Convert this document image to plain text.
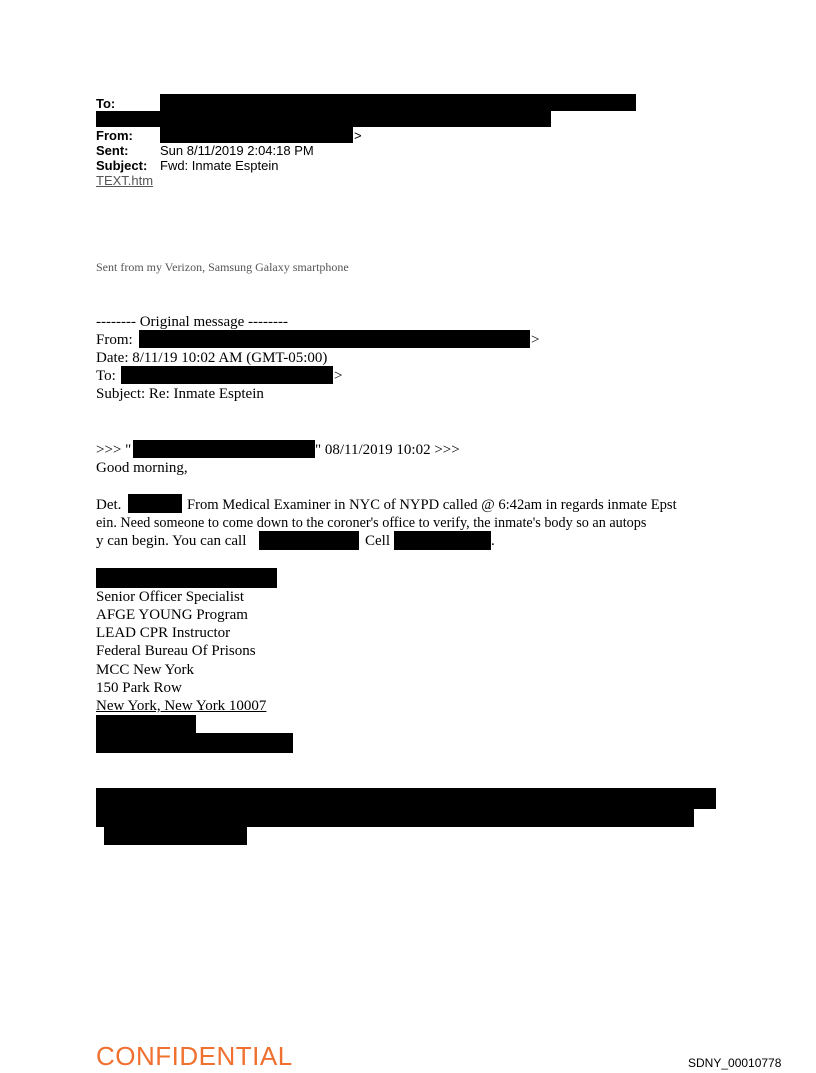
To:
From:	>
Sent: Sun 8/11/2019 2:04:18 PM
Subject: Fwd: Inmate Esptein
TEXT.htm
Sent from my Verizon, Samsung Galaxy smartphone
-------- Original message --------
From:	>
Date: 8/11/19 10:02 AM (GMT-05:00)
To:	>
Subject: Re: Inmate Esptein
>>> "	" 08/11/2019 10:02 >>>
Good morning,
Det.	From Medical Examiner in NYC of NYPD called @ 6:42am in regards inmate Epst
ein. Need someone to come down to the coroner's office to verify, the inmate's body so an autops
y can begin. You can call	Cell	.
Senior Officer Specialist
AFGE YOUNG Program
LEAD CPR Instructor
Federal Bureau Of Prisons
MCC New York
150 Park Row
New York, New York 10007
CONFIDENTIAL	SDNY_00010778
